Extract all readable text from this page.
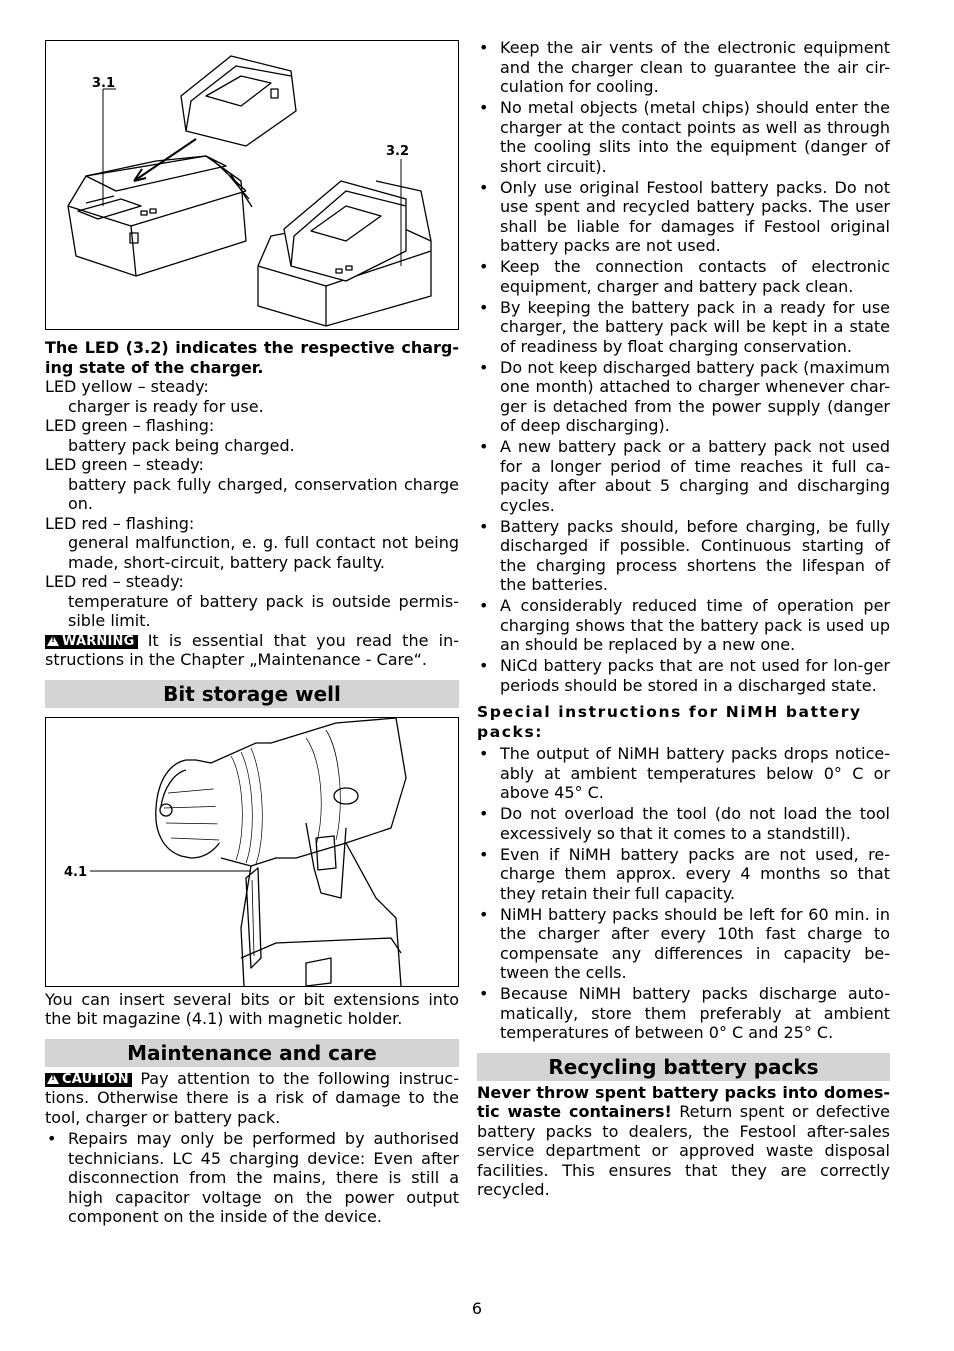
3.1
3.2

The LED (3.2) indicates the respective charg-ing state of the charger.

LED yellow – steady:

charger is ready for use.

LED green – flashing:

battery pack being charged.

LED green – steady:

battery pack fully charged, conservation charge on.

LED red – flashing:

general malfunction, e. g. full contact not being made, short-circuit, battery pack faulty.

LED red – steady:

temperature of battery pack is outside permis-sible limit.

!WARNING It is essential that you read the in-structions in the Chapter „Maintenance - Care“.

Bit storage well
4.1

You can insert several bits or bit extensions into the bit magazine (4.1) with magnetic holder.

Maintenance and care

!CAUTION Pay attention to the following instruc-tions. Otherwise there is a risk of damage to the tool, charger or battery pack.

• Repairs may only be performed by authorised technicians. LC 45 charging device: Even after disconnection from the mains, there is still a high capacitor voltage on the power output component on the inside of the device.
• Keep the air vents of the electronic equipment and the charger clean to guarantee the air cir-culation for cooling.
• No metal objects (metal chips) should enter the charger at the contact points as well as through the cooling slits into the equipment (danger of short circuit).
• Only use original Festool battery packs. Do not use spent and recycled battery packs. The user shall be liable for damages if Festool original battery packs are not used.
• Keep the connection contacts of electronic equipment, charger and battery pack clean.
• By keeping the battery pack in a ready for use charger, the battery pack will be kept in a state of readiness by float charging conservation.
• Do not keep discharged battery pack (maximum one month) attached to charger whenever char-ger is detached from the power supply (danger of deep discharging).
• A new battery pack or a battery pack not used for a longer period of time reaches it full ca-pacity after about 5 charging and discharging cycles.
• Battery packs should, before charging, be fully discharged if possible. Continuous starting of the charging process shortens the lifespan of the batteries.
• A considerably reduced time of operation per charging shows that the battery pack is used up an should be replaced by a new one.
• NiCd battery packs that are not used for lon-ger periods should be stored in a discharged state.

Special instructions for NiMH battery packs:

• The output of NiMH battery packs drops notice-ably at ambient temperatures below 0° C or above 45° C.
• Do not overload the tool (do not load the tool excessively so that it comes to a standstill).
• Even if NiMH battery packs are not used, re-charge them approx. every 4 months so that they retain their full capacity.
• NiMH battery packs should be left for 60 min. in the charger after every 10th fast charge to compensate any differences in capacity be-tween the cells.
• Because NiMH battery packs discharge auto-matically, store them preferably at ambient temperatures of between 0° C and 25° C.
Recycling battery packs

Never throw spent battery packs into domes-tic waste containers! Return spent or defective battery packs to dealers, the Festool after-sales service department or approved waste disposal facilities. This ensures that they are correctly recycled.

6
